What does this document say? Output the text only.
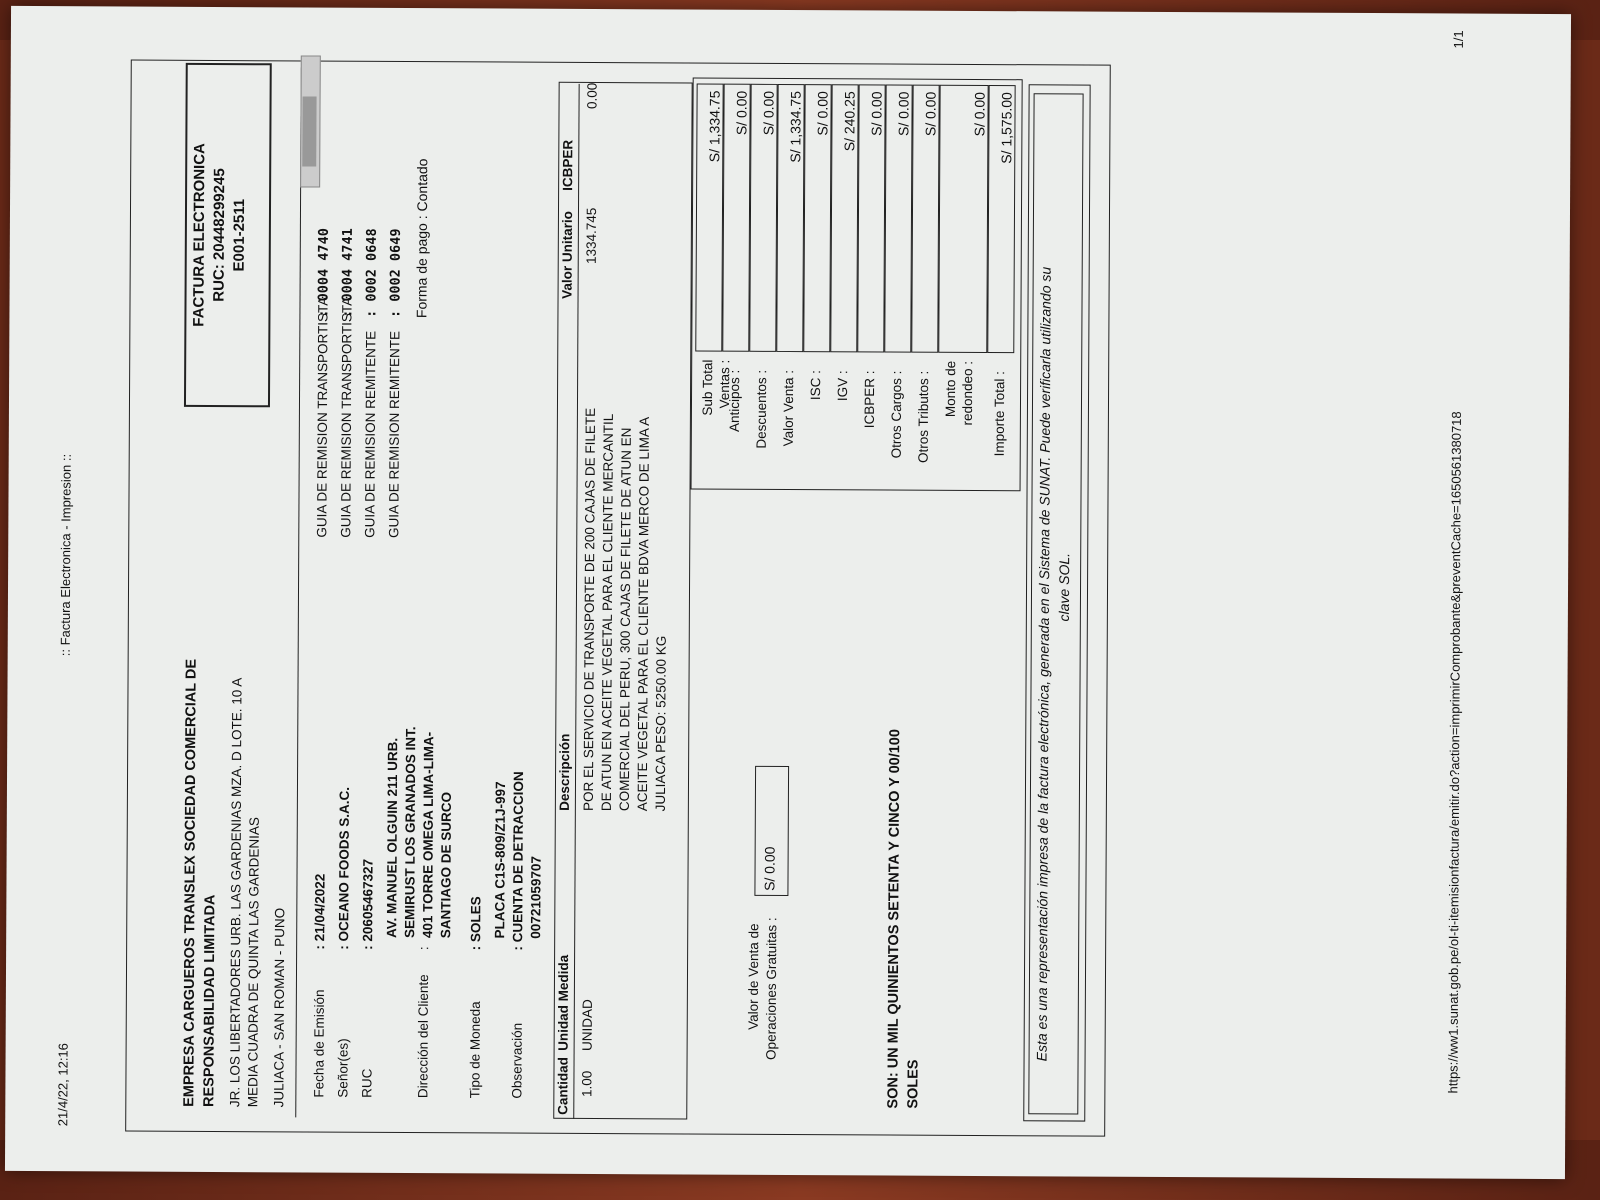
21/4/22, 12:16
:: Factura Electronica - Impresion ::
EMPRESA CARGUEROS TRANSLEX SOCIEDAD COMERCIAL DE RESPONSABILIDAD LIMITADA JR. LOS LIBERTADORES URB. LAS GARDENIAS MZA. D LOTE. 10 A MEDIA CUADRA DE QUINTA LAS GARDENIAS JULIACA - SAN ROMAN - PUNO
FACTURA ELECTRONICA RUC: 20448299245 E001-2511
Fecha de Emisión
: 21/04/2022
Señor(es)
: OCEANO FOODS S.A.C.
RUC
: 20605467327
Dirección del Cliente
:
AV. MANUEL OLGUIN 211 URB. SEMIRUST LOS GRANADOS INT. 401 TORRE OMEGA LIMA-LIMA- SANTIAGO DE SURCO
Tipo de Moneda
: SOLES PLACA C1S-809/Z1J-997
Observación
: CUENTA DE DETRACCION 00721059707
GUIA DE REMISION TRANSPORTISTA
: 0004 4740
GUIA DE REMISION TRANSPORTISTA
: 0004 4741
GUIA DE REMISION REMITENTE
: 0002 0648
GUIA DE REMISION REMITENTE
: 0002 0649 Forma de pago : Contado
Cantidad
Unidad Medida
Descripción
Valor Unitario
ICBPER
1.00
UNIDAD
POR EL SERVICIO DE TRANSPORTE DE 200 CAJAS DE FILETE DE ATUN EN ACEITE VEGETAL PARA EL CLIENTE MERCANTIL COMERCIAL DEL PERU, 300 CAJAS DE FILETE DE ATUN EN ACEITE VEGETAL PARA EL CLIENTE BDVA MERCO DE LIMA A JULIACA PESO: 5250.00 KG
1334.745
0.00
Valor de Venta de Operaciones Gratuitas :
S/ 0.00	SON: UN MIL QUINIENTOS SETENTA Y CINCO Y 00/100 SOLES
Esta es una representación impresa de la factura electrónica, generada en el Sistema de SUNAT. Puede verificarla utilizando su clave SOL.	https://ww1.sunat.gob.pe/ol-ti-itemisionfactura/emitir.do?action=imprimirComprobante&preventCache=1650561380718
1/1
Sub Total Ventas :
S/ 1,334.75
Anticipos :
S/ 0.00
Descuentos :
S/ 0.00
Valor Venta :
S/ 1,334.75
ISC :
S/ 0.00
IGV :
S/ 240.25
ICBPER :
S/ 0.00
Otros Cargos :
S/ 0.00
Otros Tributos :
S/ 0.00
Monto de redondeo :
S/ 0.00
Importe Total :
S/ 1,575.00
